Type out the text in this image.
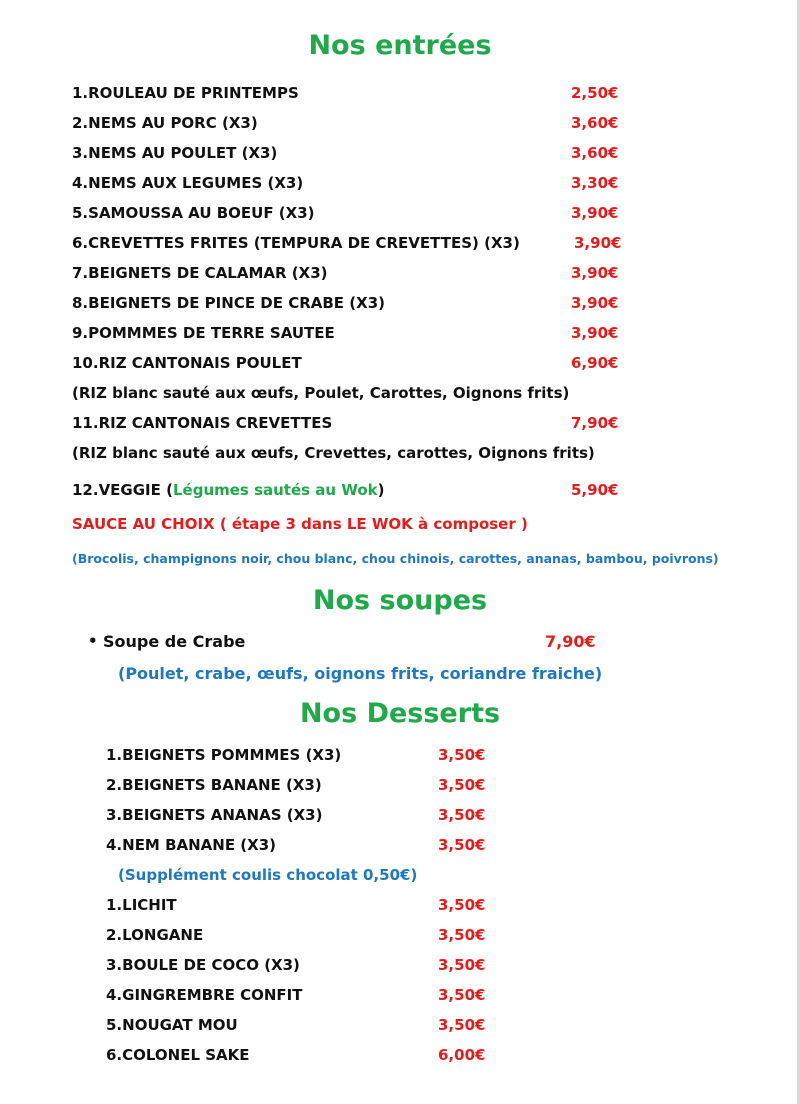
Nos entrées
1.ROULEAU DE PRINTEMPS	2,50€
2.NEMS AU PORC (X3)	3,60€
3.NEMS AU POULET (X3)	3,60€
4.NEMS AUX LEGUMES (X3)	3,30€
5.SAMOUSSA AU BOEUF (X3)	3,90€
6.CREVETTES FRITES (TEMPURA DE CREVETTES) (X3)	3,90€
7.BEIGNETS DE CALAMAR (X3)	3,90€
8.BEIGNETS DE PINCE DE CRABE (X3)	3,90€
9.POMMMES DE TERRE SAUTEE	3,90€
10.RIZ CANTONAIS POULET	6,90€
(RIZ blanc sauté aux œufs, Poulet, Carottes, Oignons frits)
11.RIZ CANTONAIS CREVETTES	7,90€
(RIZ blanc sauté aux œufs, Crevettes, carottes, Oignons frits)
12.VEGGIE (Légumes sautés au Wok)	5,90€
SAUCE AU CHOIX ( étape 3 dans LE WOK à composer )
(Brocolis, champignons noir, chou blanc, chou chinois, carottes, ananas, bambou, poivrons)
Nos soupes
• Soupe de Crabe	7,90€
(Poulet, crabe, œufs, oignons frits, coriandre fraiche)
Nos Desserts
1.BEIGNETS POMMMES (X3)	3,50€
2.BEIGNETS BANANE (X3)	3,50€
3.BEIGNETS ANANAS (X3)	3,50€
4.NEM BANANE (X3)	3,50€
(Supplément coulis chocolat 0,50€)
1.LICHIT	3,50€
2.LONGANE	3,50€
3.BOULE DE COCO (X3)	3,50€
4.GINGREMBRE CONFIT	3,50€
5.NOUGAT MOU	3,50€
6.COLONEL SAKE	6,00€
